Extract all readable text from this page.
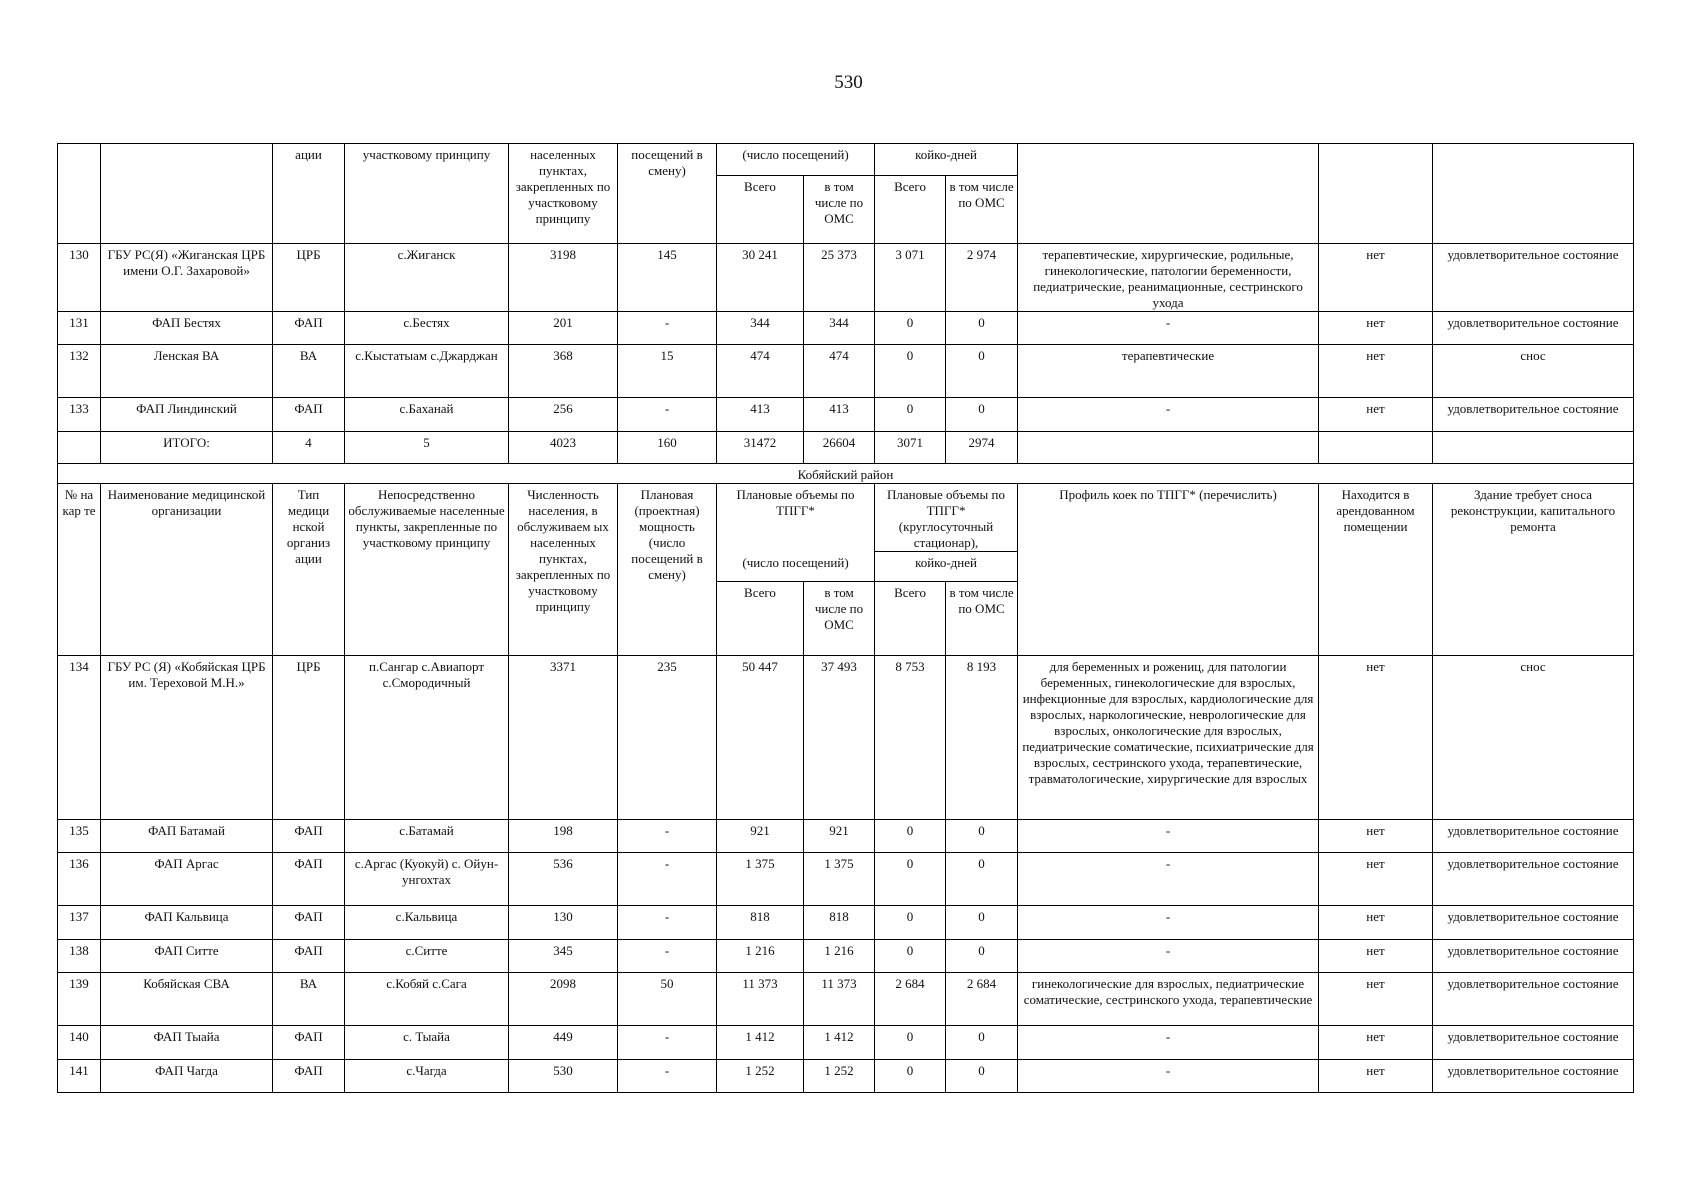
530
		ации	участковому принципу	населенных пунктах, закрепленных по участковому принципу	посещений в смену)	(число посещений)		койко-дней				
						Всего	в том числе по ОМС	Всего	в том числе по ОМС			
130	ГБУ РС(Я) «Жиганская ЦРБ имени О.Г. Захаровой»	ЦРБ	с.Жиганск	3198	145	30 241	25 373	3 071	2 974	терапевтические, хирургические, родильные, гинекологические, патологии беременности, педиатрические, реанимационные, сестринского ухода	нет	удовлетворительное состояние
131	ФАП Бестях	ФАП	с.Бестях	201	-	344	344	0	0	-	нет	удовлетворительное состояние
132	Ленская ВА	ВА	с.Кыстатыам с.Джарджан	368	15	474	474	0	0	терапевтические	нет	снос
133	ФАП Линдинский	ФАП	с.Баханай	256	-	413	413	0	0	-	нет	удовлетворительное состояние
	ИТОГО:	4	5	4023	160	31472	26604	3071	2974			
Кобяйский район												
№ на кар те	Наименование медицинской организации	Тип медици нской организ ации	Непосредственно обслуживаемые населенные пункты, закрепленные по участковому принципу	Численность населения, в обслуживаем ых населенных пунктах, закрепленных по участковому принципу	Плановая (проектная) мощность (число посещений в смену)	Плановые объемы по ТПГГ*		Плановые объемы по ТПГГ* (круглосуточный стационар),		Профиль коек по ТПГГ* (перечислить)	Находится в арендованном помещении	Здание требует сноса реконструкции, капитального ремонта
						(число посещений)		койко-дней				
						Всего	в том числе по ОМС	Всего	в том числе по ОМС			
134	ГБУ РС (Я) «Кобяйская ЦРБ им. Тереховой М.Н.»	ЦРБ	п.Сангар с.Авиапорт с.Смородичный	3371	235	50 447	37 493	8 753	8 193	для беременных и рожениц, для патологии беременных, гинекологические для взрослых, инфекционные для взрослых, кардиологические для взрослых, наркологические, неврологические для взрослых, онкологические для взрослых, педиатрические соматические, психиатрические для взрослых, сестринского ухода, терапевтические, травматологические, хирургические для взрослых	нет	снос
135	ФАП Батамай	ФАП	с.Батамай	198	-	921	921	0	0	-	нет	удовлетворительное состояние
136	ФАП Аргас	ФАП	с.Аргас (Куокуй) с. Ойун-унгохтах	536	-	1 375	1 375	0	0	-	нет	удовлетворительное состояние
137	ФАП Кальвица	ФАП	с.Кальвица	130	-	818	818	0	0	-	нет	удовлетворительное состояние
138	ФАП Ситте	ФАП	с.Ситте	345	-	1 216	1 216	0	0	-	нет	удовлетворительное состояние
139	Кобяйская СВА	ВА	с.Кобяй с.Сага	2098	50	11 373	11 373	2 684	2 684	гинекологические для взрослых, педиатрические соматические, сестринского ухода, терапевтические	нет	удовлетворительное состояние
140	ФАП Тыайа	ФАП	с. Тыайа	449	-	1 412	1 412	0	0	-	нет	удовлетворительное состояние
141	ФАП Чагда	ФАП	с.Чагда	530	-	1 252	1 252	0	0	-	нет	удовлетворительное состояние
